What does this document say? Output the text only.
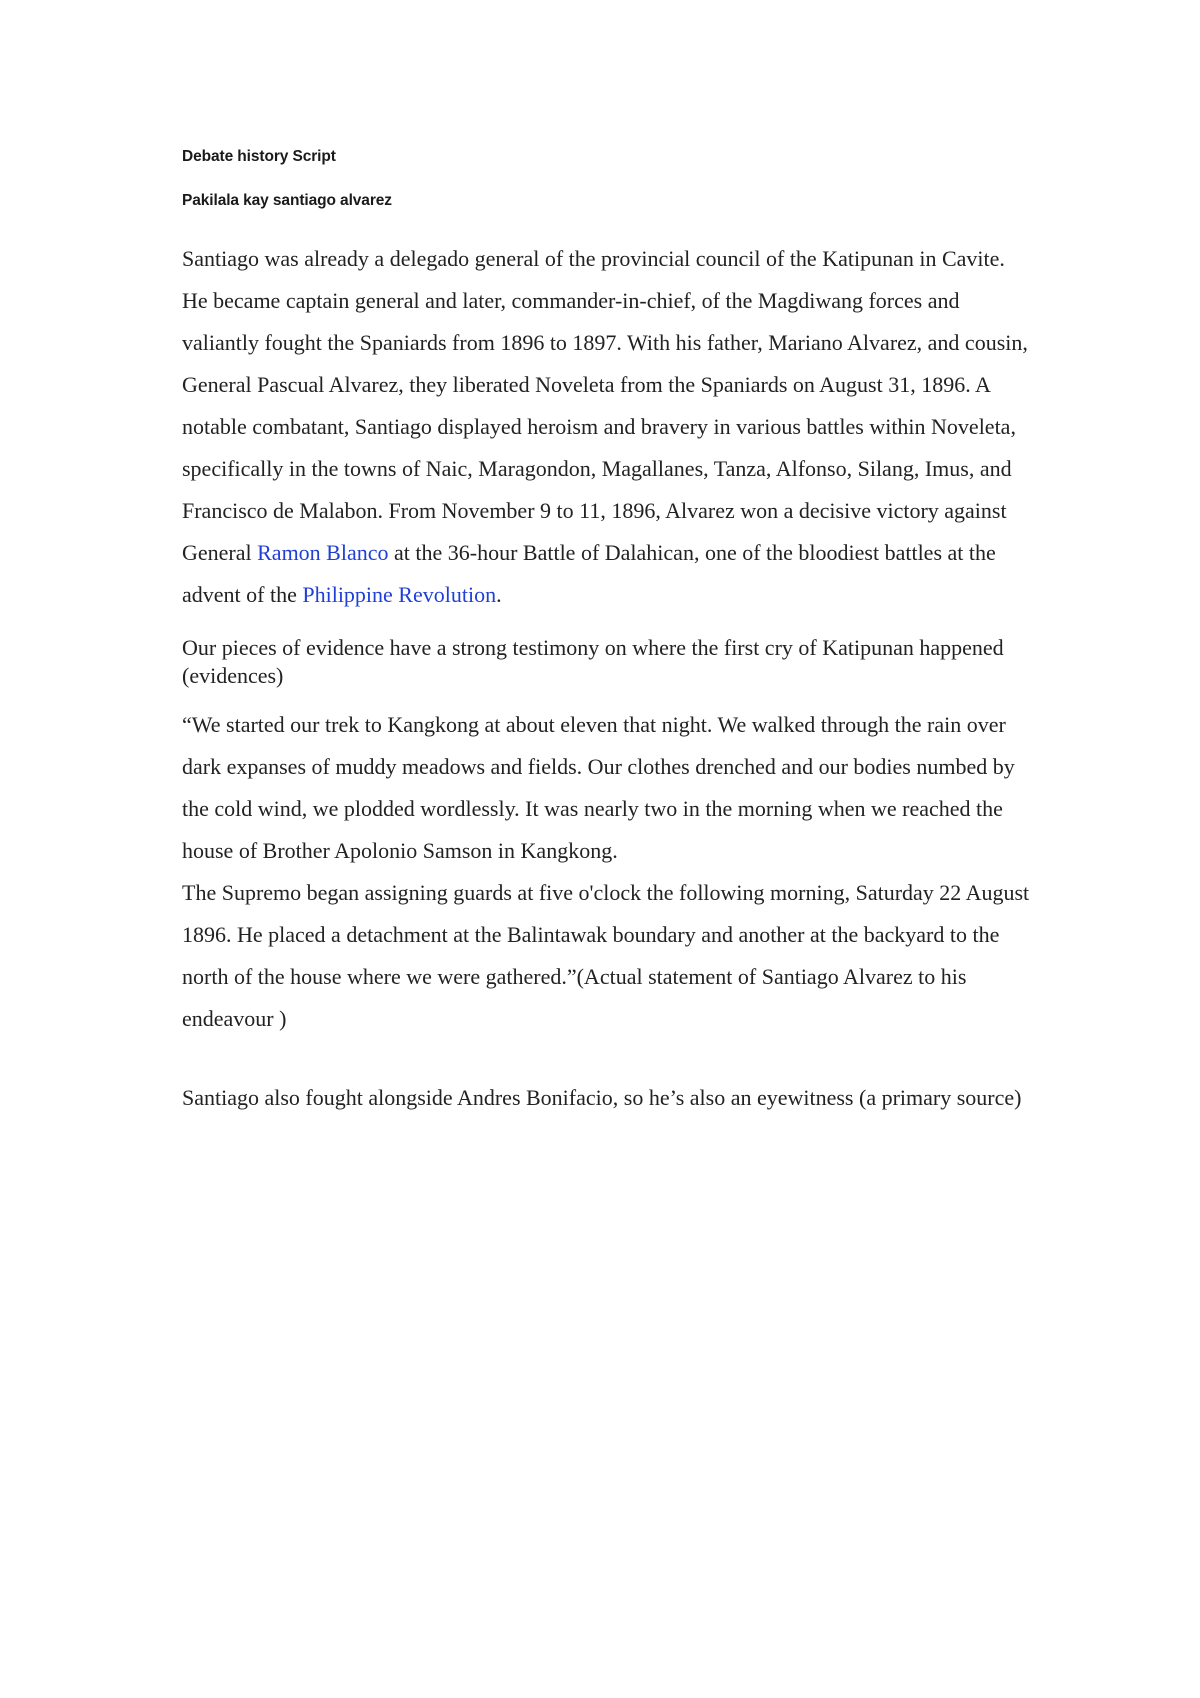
Debate history Script

Pakilala kay santiago alvarez

Santiago was already a delegado general of the provincial council of the Katipunan in Cavite. He became captain general and later, commander-in-chief, of the Magdiwang forces and valiantly fought the Spaniards from 1896 to 1897. With his father, Mariano Alvarez, and cousin, General Pascual Alvarez, they liberated Noveleta from the Spaniards on August 31, 1896. A notable combatant, Santiago displayed heroism and bravery in various battles within Noveleta, specifically in the towns of Naic, Maragondon, Magallanes, Tanza, Alfonso, Silang, Imus, and Francisco de Malabon. From November 9 to 11, 1896, Alvarez won a decisive victory against General Ramon Blanco at the 36-hour Battle of Dalahican, one of the bloodiest battles at the advent of the Philippine Revolution.

Our pieces of evidence have a strong testimony on where the first cry of Katipunan happened (evidences)

“We started our trek to Kangkong at about eleven that night. We walked through the rain over dark expanses of muddy meadows and fields. Our clothes drenched and our bodies numbed by the cold wind, we plodded wordlessly. It was nearly two in the morning when we reached the house of Brother Apolonio Samson in Kangkong.

The Supremo began assigning guards at five o'clock the following morning, Saturday 22 August 1896. He placed a detachment at the Balintawak boundary and another at the backyard to the north of the house where we were gathered.”(Actual statement of Santiago Alvarez to his endeavour )

Santiago also fought alongside Andres Bonifacio, so he’s also an eyewitness (a primary source)
